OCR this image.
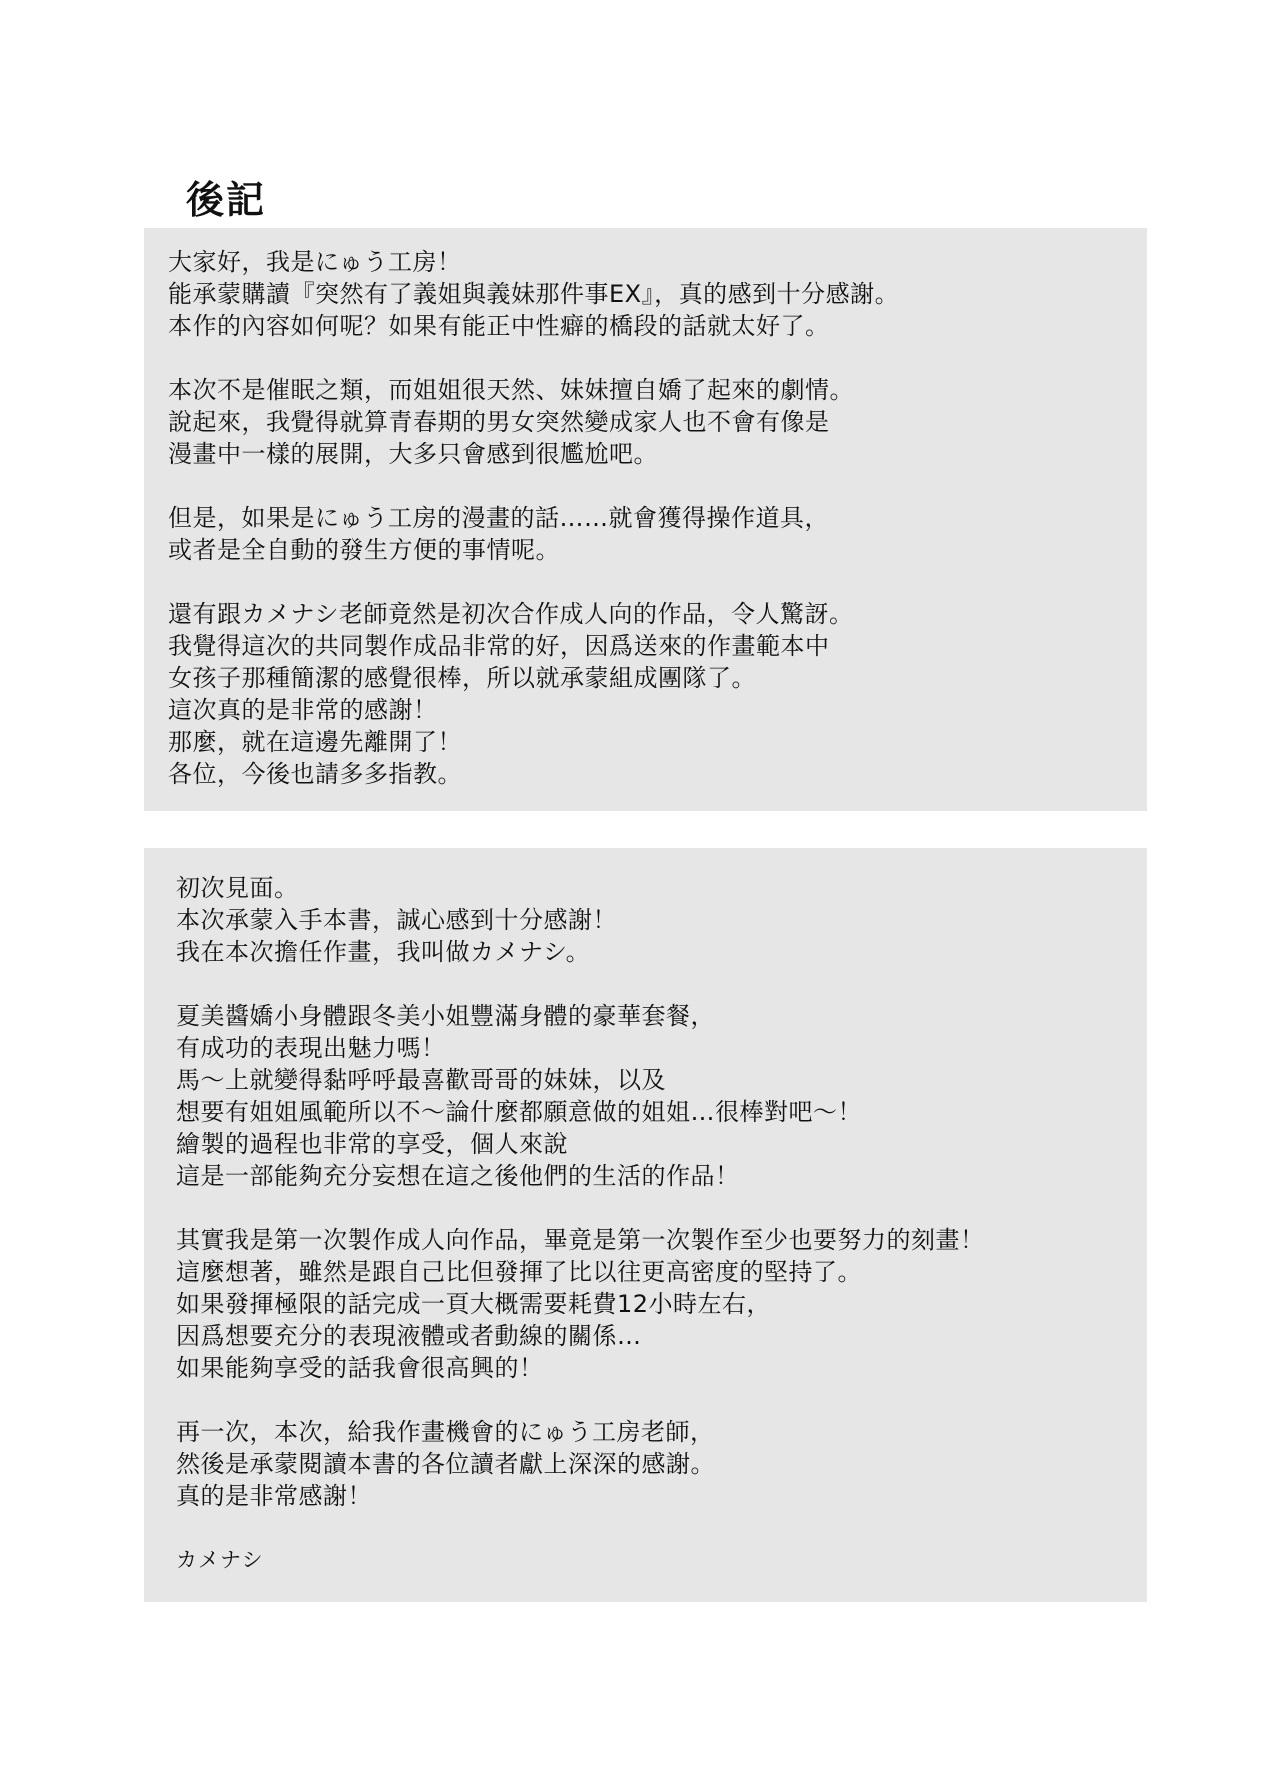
後記

大家好，我是にゅう工房！
能承蒙購讀『突然有了義姐與義妹那件事EX』，真的感到十分感謝。
本作的內容如何呢？如果有能正中性癖的橋段的話就太好了。

本次不是催眠之類，而姐姐很天然、妹妹擅自嬌了起來的劇情。
說起來，我覺得就算青春期的男女突然變成家人也不會有像是
漫畫中一樣的展開，大多只會感到很尷尬吧。

但是，如果是にゅう工房的漫畫的話……就會獲得操作道具，
或者是全自動的發生方便的事情呢。

還有跟カメナシ老師竟然是初次合作成人向的作品，令人驚訝。
我覺得這次的共同製作成品非常的好，因爲送來的作畫範本中
女孩子那種簡潔的感覺很棒，所以就承蒙組成團隊了。
這次真的是非常的感謝！
那麼，就在這邊先離開了！
各位，今後也請多多指教。

初次見面。
本次承蒙入手本書，誠心感到十分感謝！
我在本次擔任作畫，我叫做カメナシ。

夏美醬嬌小身體跟冬美小姐豐滿身體的豪華套餐，
有成功的表現出魅力嗎！
馬～上就變得黏呼呼最喜歡哥哥的妹妹，以及
想要有姐姐風範所以不～論什麼都願意做的姐姐…很棒對吧～！
繪製的過程也非常的享受，個人來說
這是一部能夠充分妄想在這之後他們的生活的作品！

其實我是第一次製作成人向作品，畢竟是第一次製作至少也要努力的刻畫！
這麼想著，雖然是跟自己比但發揮了比以往更高密度的堅持了。
如果發揮極限的話完成一頁大概需要耗費12小時左右，
因爲想要充分的表現液體或者動線的關係…
如果能夠享受的話我會很高興的！

再一次，本次，給我作畫機會的にゅう工房老師，
然後是承蒙閱讀本書的各位讀者獻上深深的感謝。
真的是非常感謝！

カメナシ
